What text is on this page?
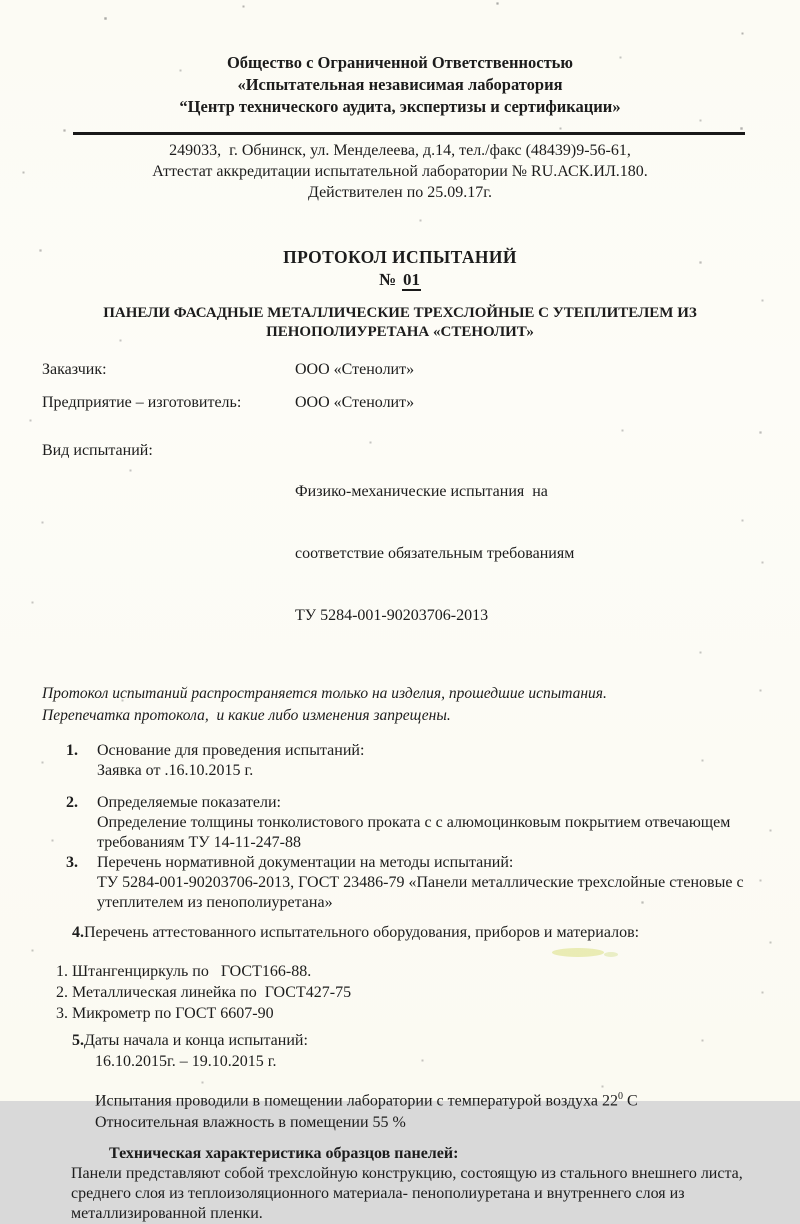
Общество с Ограниченной Ответственностью
«Испытательная независимая лаборатория
“Центр технического аудита, экспертизы и сертификации»
249033,  г. Обнинск, ул. Менделеева, д.14, тел./факс (48439)9-56-61,
Аттестат аккредитации испытательной лаборатории № RU.АСК.ИЛ.180.
Действителен по 25.09.17г.
ПРОТОКОЛ ИСПЫТАНИЙ
№ 01
ПАНЕЛИ ФАСАДНЫЕ МЕТАЛЛИЧЕСКИЕ ТРЕХСЛОЙНЫЕ С УТЕПЛИТЕЛЕМ ИЗ
ПЕНОПОЛИУРЕТАНА «СТЕНОЛИТ»
Заказчик:	ООО «Стенолит»
Предприятие – изготовитель:	ООО «Стенолит»
Вид испытаний:

Физико-механические испытания  на

соответствие обязательным требованиям

ТУ 5284-001-90203706-2013

Протокол испытаний распространяется только на изделия, прошедшие испытания.
Перепечатка протокола,  и какие либо изменения запрещены.
1.	Основание для проведения испытаний:
Заявка от .16.10.2015 г.
2.	Определяемые показатели:
Определение толщины тонколистового проката с с алюмоцинковым покрытием отвечающем требованиям ТУ 14-11-247-88
3.	Перечень нормативной документации на методы испытаний:
ТУ 5284-001-90203706-2013, ГОСТ 23486-79 «Панели металлические трехслойные стеновые с утеплителем из пенополиуретана»
4.Перечень аттестованного испытательного оборудования, приборов и материалов:
1. Штангенциркуль по   ГОСТ166-88.
2. Металлическая линейка по  ГОСТ427-75
3. Микрометр по ГОСТ 6607-90
5.Даты начала и конца испытаний:
16.10.2015г. – 19.10.2015 г.
Испытания проводили в помещении лаборатории с температурой воздуха $22^0$ С
Относительная влажность в помещении 55 %
Техническая характеристика образцов панелей:
Панели представляют собой трехслойную конструкцию, состоящую из стального внешнего листа, среднего слоя из теплоизоляционного материала- пенополиуретана и внутреннего слоя из металлизированной пленки.
